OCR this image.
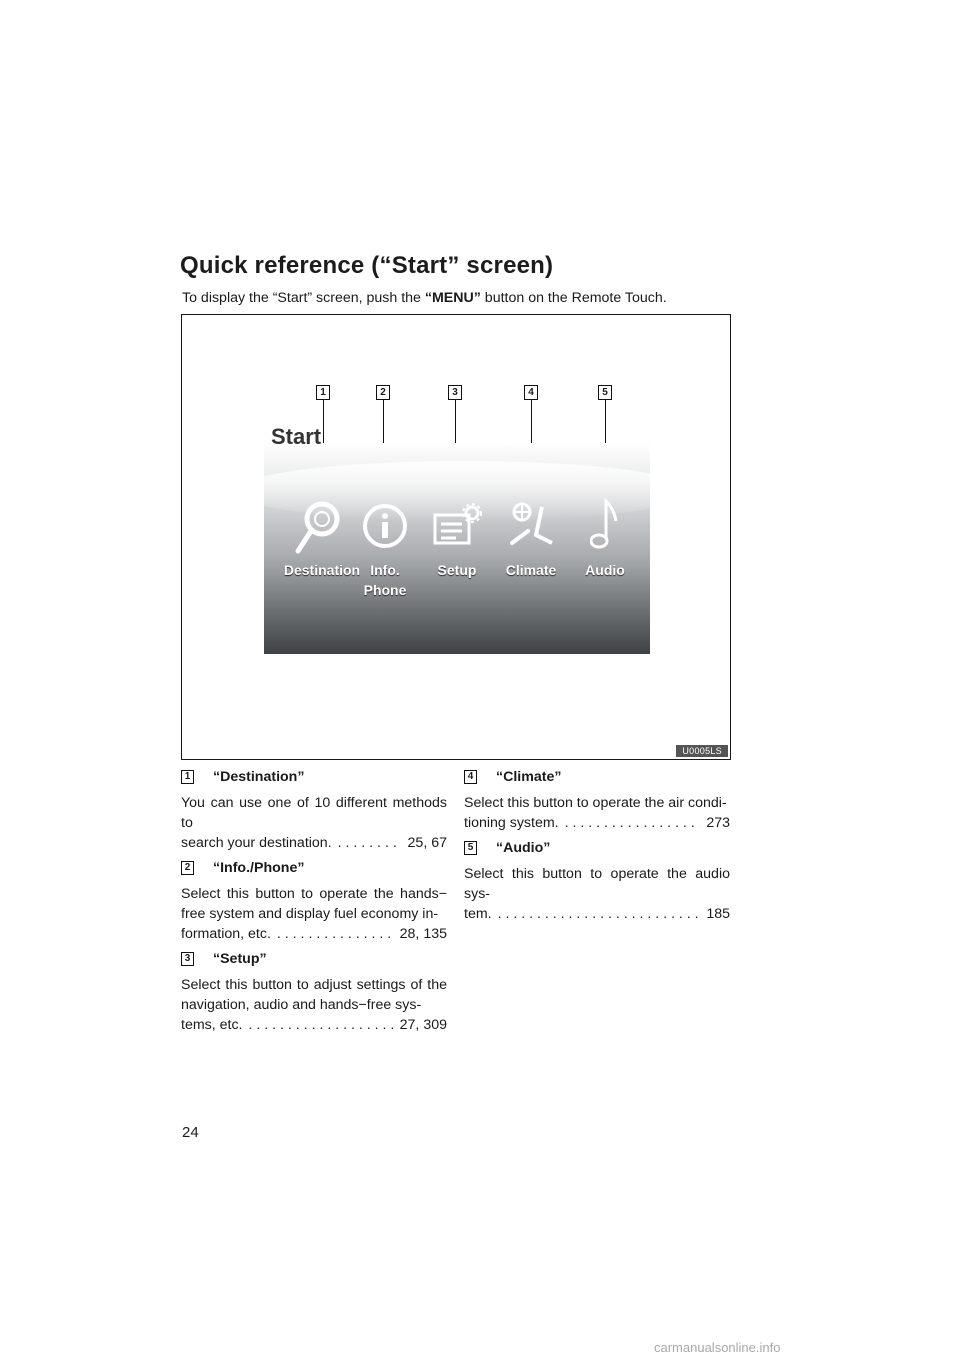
Quick reference (“Start” screen)
To display the “Start” screen, push the “MENU” button on the Remote Touch.
1	2	3	4	5
Destination Info.
Phone
Setup	Climate	Audio
Start
U0005LS
1 “Destination”
You can use one of 10 different methods to
search your destination. . . .	25, 67
2 “Info./Phone”
Select this button to operate the hands− free system and display fuel economy in-
formation, etc. . . .	28, 135
3 “Setup”
Select this button to adjust settings of the navigation, audio and hands−free sys-
tems, etc. . . .	27, 309
4 “Climate”
Select this button to operate the air condi-
tioning system. . . .	273
5 “Audio”
Select this button to operate the audio sys-
tem. . . .	185
24
carmanualsonline.info
